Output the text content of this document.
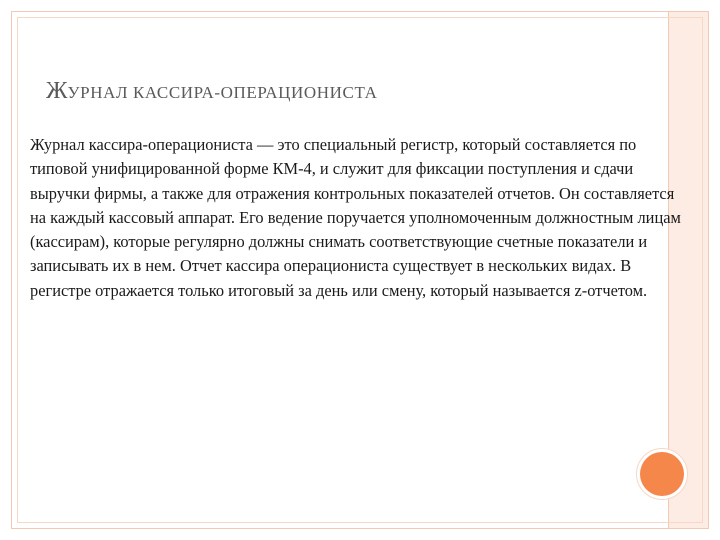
ЖУРНАЛ КАССИРА-ОПЕРАЦИОНИСТА

Журнал кассира-операциониста — это специальный регистр, который составляется по типовой унифицированной форме КМ-4, и служит для фиксации поступления и сдачи выручки фирмы, а также для отражения контрольных показателей отчетов. Он составляется на каждый кассовый аппарат. Его ведение поручается уполномоченным должностным лицам (кассирам), которые регулярно должны снимать соответствующие счетные показатели и записывать их в нем. Отчет кассира операциониста существует в нескольких видах. В регистре отражается только итоговый за день или смену, который называется z-отчетом.
